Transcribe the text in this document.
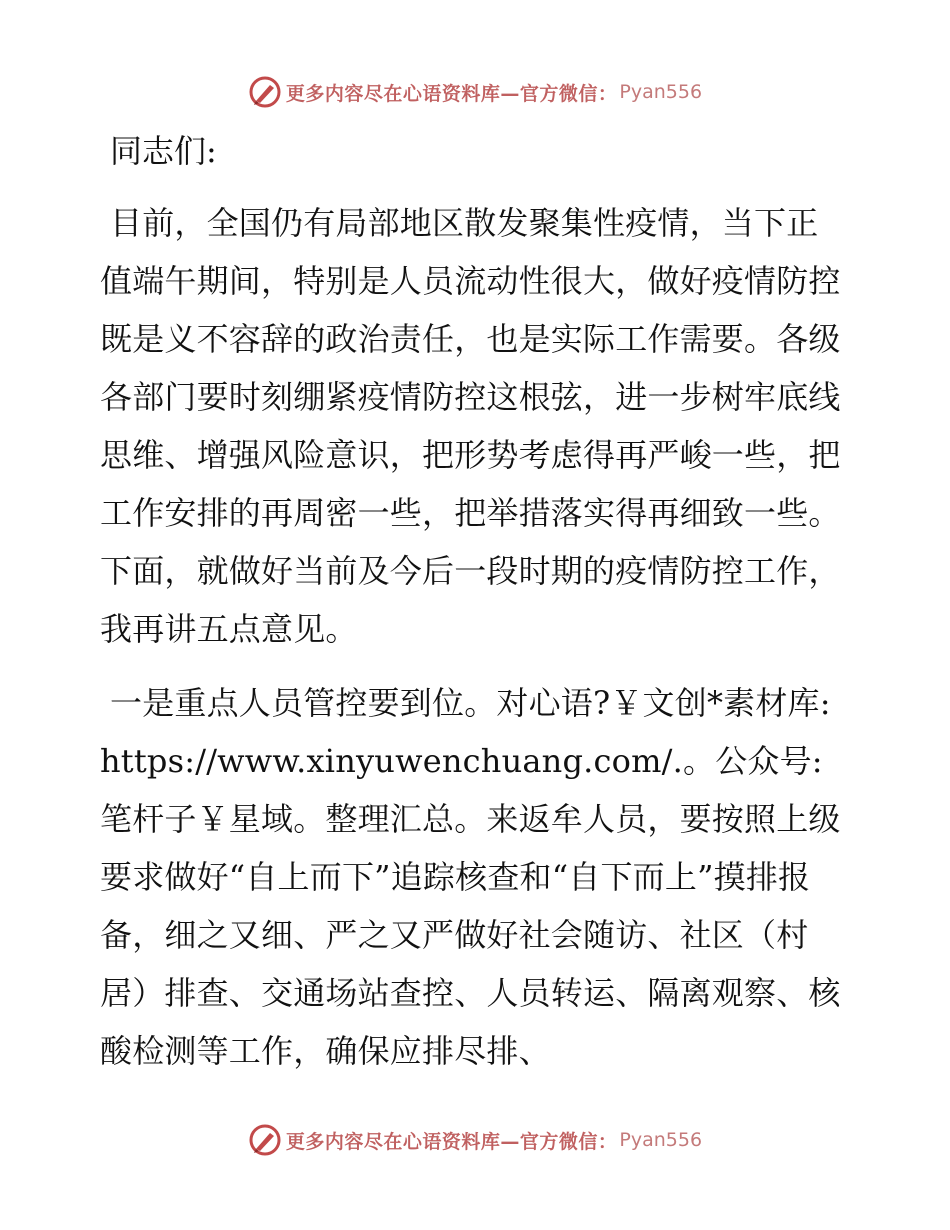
更多内容尽在心语资料库—官方微信： Pyan556

同志们:

目前，全国仍有局部地区散发聚集性疫情，当下正值端午期间，特别是人员流动性很大，做好疫情防控既是义不容辞的政治责任，也是实际工作需要。各级各部门要时刻绷紧疫情防控这根弦，进一步树牢底线思维、增强风险意识，把形势考虑得再严峻一些，把工作安排的再周密一些，把举措落实得再细致一些。下面，就做好当前及今后一段时期的疫情防控工作，我再讲五点意见。

一是重点人员管控要到位。对心语?￥文创*素材库: https://www.xinyuwenchuang.com/.。公众号: 笔杆子￥星域。整理汇总。来返牟人员，要按照上级要求做好“自上而下”追踪核查和“自下而上”摸排报备，细之又细、严之又严做好社会随访、社区（村居）排查、交通场站查控、人员转运、隔离观察、核酸检测等工作，确保应排尽排、

更多内容尽在心语资料库—官方微信： Pyan556
